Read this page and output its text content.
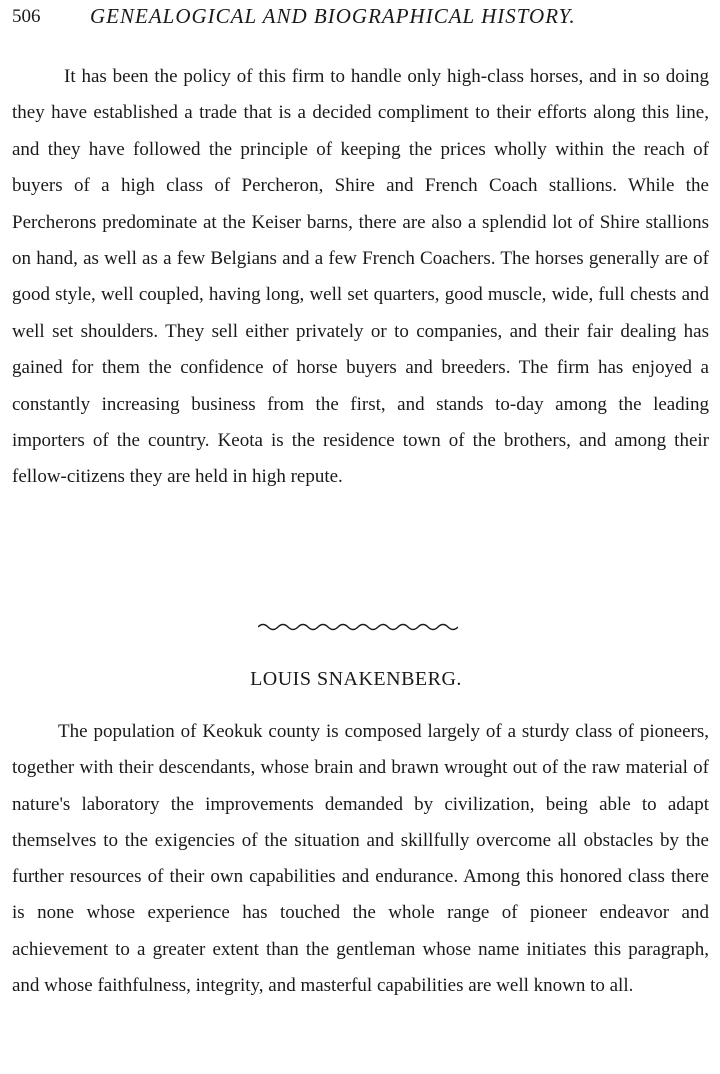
506 GENEALOGICAL AND BIOGRAPHICAL HISTORY.

It has been the policy of this firm to handle only high-class horses, and in so doing they have established a trade that is a decided compliment to their efforts along this line, and they have followed the principle of keeping the prices wholly within the reach of buyers of a high class of Percheron, Shire and French Coach stallions. While the Percherons predominate at the Keiser barns, there are also a splendid lot of Shire stallions on hand, as well as a few Belgians and a few French Coachers. The horses generally are of good style, well coupled, having long, well set quarters, good muscle, wide, full chests and well set shoulders. They sell either privately or to companies, and their fair dealing has gained for them the confidence of horse buyers and breeders. The firm has enjoyed a constantly increasing business from the first, and stands to-day among the leading importers of the country. Keota is the residence town of the brothers, and among their fellow-citizens they are held in high repute.

LOUIS SNAKENBERG.

The population of Keokuk county is composed largely of a sturdy class of pioneers, together with their descendants, whose brain and brawn wrought out of the raw material of nature's laboratory the improvements demanded by civilization, being able to adapt themselves to the exigencies of the situation and skillfully overcome all obstacles by the further resources of their own capabilities and endurance. Among this honored class there is none whose experience has touched the whole range of pioneer endeavor and achievement to a greater extent than the gentleman whose name initiates this paragraph, and whose faithfulness, integrity, and masterful capabilities are well known to all.
